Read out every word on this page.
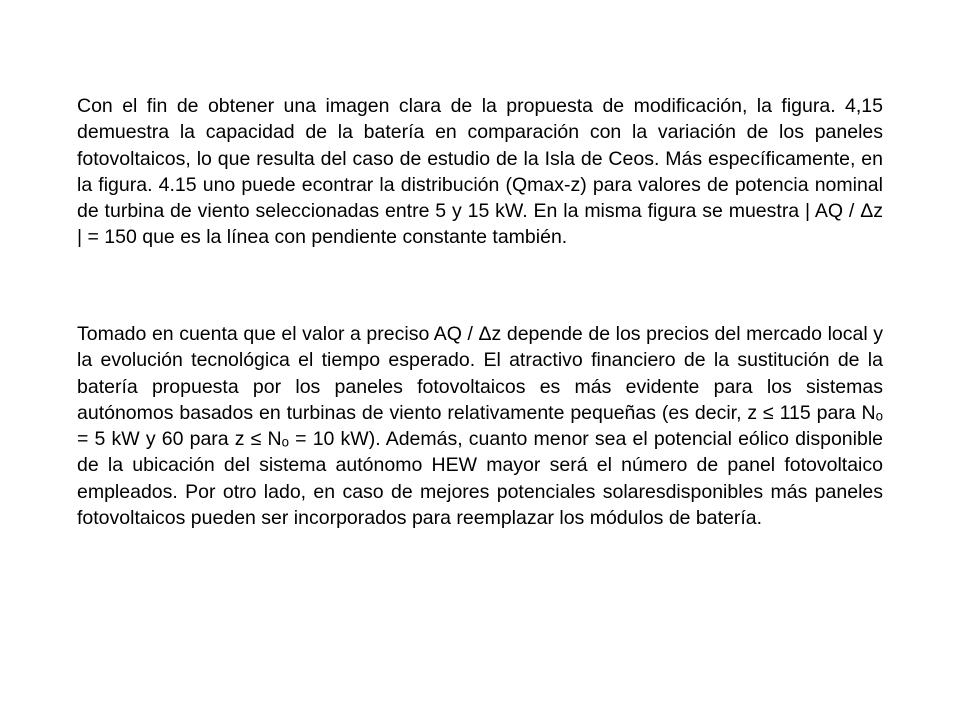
Con el fin de obtener una imagen clara de la propuesta de modificación, la figura. 4,15 demuestra la capacidad de la batería en comparación con la variación de los paneles fotovoltaicos, lo que resulta del caso de estudio de la Isla de Ceos. Más específicamente, en la figura. 4.15 uno puede econtrar la distribución (Qmax-z) para valores de potencia nominal de turbina de viento seleccionadas entre 5 y 15 kW. En la misma figura se muestra | AQ / Δz | = 150 que es la línea con pendiente constante también.

Tomado en cuenta que el valor a preciso AQ / Δz depende de los precios del mercado local y la evolución tecnológica el tiempo esperado. El atractivo financiero de la sustitución de la batería propuesta por los paneles fotovoltaicos es más evidente para los sistemas autónomos basados en turbinas de viento relativamente pequeñas (es decir, z ≤ 115 para Nₒ = 5 kW y 60 para z ≤ Nₒ = 10 kW). Además, cuanto menor sea el potencial eólico disponible de la ubicación del sistema autónomo HEW mayor será el número de panel fotovoltaico empleados. Por otro lado, en caso de mejores potenciales solaresdisponibles más paneles fotovoltaicos pueden ser incorporados para reemplazar los módulos de batería.
